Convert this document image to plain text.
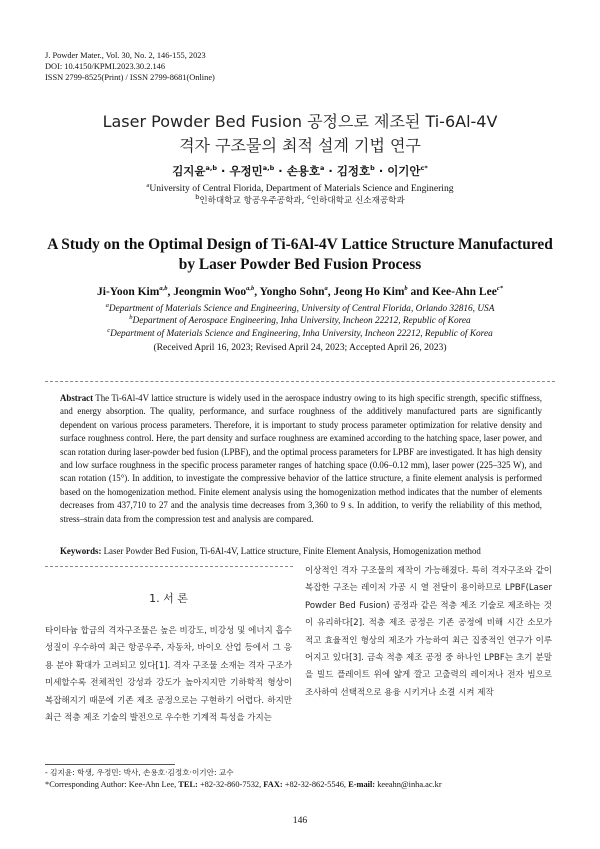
J. Powder Mater., Vol. 30, No. 2, 146-155, 2023
DOI: 10.4150/KPMI.2023.30.2.146
ISSN 2799-8525(Print) / ISSN 2799-8681(Online)
Laser Powder Bed Fusion 공정으로 제조된 Ti-6Al-4V
격자 구조물의 최적 설계 기법 연구
김지윤$^{a,b}$ · 우정민$^{a,b}$ · 손용호$^a$ · 김정호$^b$ · 이기안$^{c*}$
$^a$University of Central Florida, Department of Materials Science and Enginering
$^b$인하대학교 항공우주공학과, $^c$인하대학교 신소재공학과
A Study on the Optimal Design of Ti-6Al-4V Lattice Structure Manufactured
by Laser Powder Bed Fusion Process
Ji-Yoon Kim$^{a,b}$, Jeongmin Woo$^{a,b}$, Yongho Sohn$^a$, Jeong Ho Kim$^b$ and Kee-Ahn Lee$^{c*}$
$^a$Department of Materials Science and Engineering, University of Central Florida, Orlando 32816, USA
$^b$Department of Aerospace Engineering, Inha University, Incheon 22212, Republic of Korea
$^c$Department of Materials Science and Engineering, Inha University, Incheon 22212, Republic of Korea
(Received April 16, 2023; Revised April 24, 2023; Accepted April 26, 2023)
Abstract The Ti-6Al-4V lattice structure is widely used in the aerospace industry owing to its high specific strength, specific stiffness, and energy absorption. The quality, performance, and surface roughness of the additively manufactured parts are significantly dependent on various process parameters. Therefore, it is important to study process parameter optimization for relative density and surface roughness control. Here, the part density and surface roughness are examined according to the hatching space, laser power, and scan rotation during laser-powder bed fusion (LPBF), and the optimal process parameters for LPBF are investigated. It has high density and low surface roughness in the specific process parameter ranges of hatching space (0.06–0.12 mm), laser power (225–325 W), and scan rotation (15°). In addition, to investigate the compressive behavior of the lattice structure, a finite element analysis is performed based on the homogenization method. Finite element analysis using the homogenization method indicates that the number of elements decreases from 437,710 to 27 and the analysis time decreases from 3,360 to 9 s. In addition, to verify the reliability of this method, stress–strain data from the compression test and analysis are compared.
Keywords: Laser Powder Bed Fusion, Ti-6Al-4V, Lattice structure, Finite Element Analysis, Homogenization method
1. 서 론
타이타늄 합금의 격자구조물은 높은 비강도, 비강성 및 에너지 흡수 성질이 우수하여 최근 항공우주, 자동차, 바이오 산업 등에서 그 응용 분야 확대가 고려되고 있다[1]. 격자 구조물 소재는 격자 구조가 미세할수록 전체적인 강성과 강도가 높아지지만 기하학적 형상이 복잡해지기 때문에 기존 제조 공정으로는 구현하기 어렵다. 하지만 최근 적층 제조 기술의 발전으로 우수한 기계적 특성을 가지는
이상적인 격자 구조물의 제작이 가능해졌다. 특히 격자구조와 같이 복잡한 구조는 레이저 가공 시 열 전달이 용이하므로 LPBF(Laser Powder Bed Fusion) 공정과 같은 적층 제조 기술로 제조하는 것이 유리하다[2]. 적층 제조 공정은 기존 공정에 비해 시간 소모가 적고 효율적인 형상의 제조가 가능하여 최근 집중적인 연구가 이루어지고 있다[3]. 금속 적층 제조 공정 중 하나인 LPBF는 초기 분말을 빌드 플레이트 위에 얇게 깔고 고출력의 레이저나 전자 빔으로 조사하여 선택적으로 용융 시키거나 소결 시켜 제작
- 김지윤: 학생, 우정민: 박사, 손용호·김정호·이기안: 교수
*Corresponding Author: Kee-Ahn Lee, TEL: +82-32-860-7532, FAX: +82-32-862-5546, E-mail: keeahn@inha.ac.kr
146
